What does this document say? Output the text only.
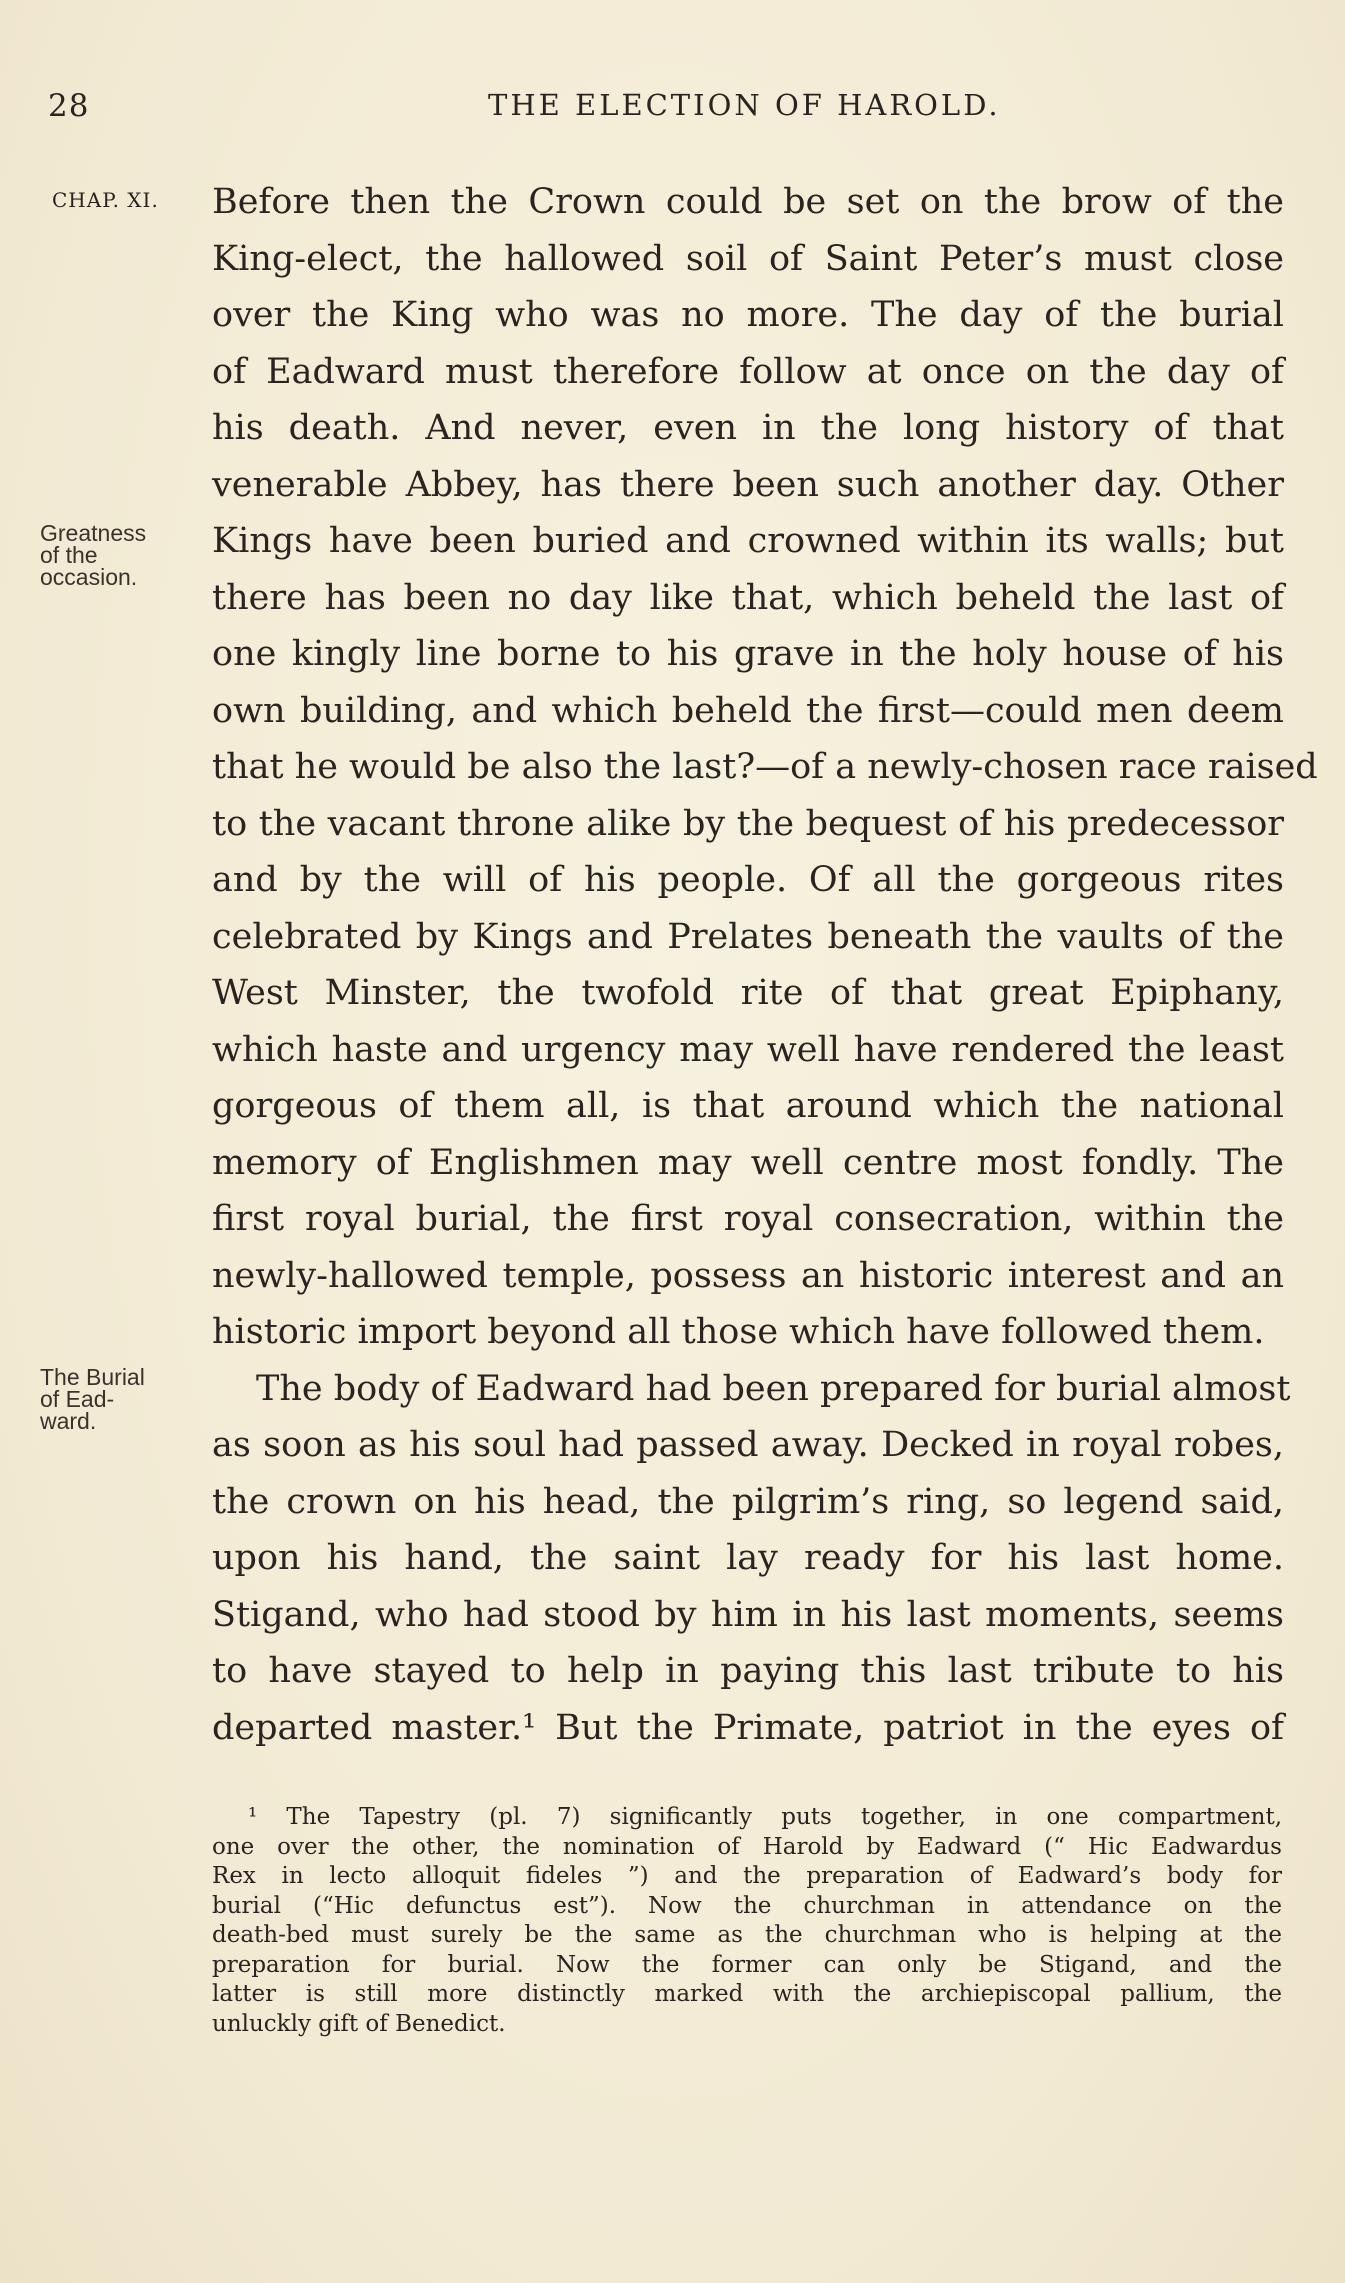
28	THE ELECTION OF HAROLD.
CHAP. XI.
Greatness
of the
occasion.
The Burial
of Ead-
ward.
Before then the Crown could be set on the brow of the
King-elect, the hallowed soil of Saint Peter’s must close
over the King who was no more. The day of the burial
of Eadward must therefore follow at once on the day of
his death. And never, even in the long history of that
venerable Abbey, has there been such another day. Other
Kings have been buried and crowned within its walls; but
there has been no day like that, which beheld the last of
one kingly line borne to his grave in the holy house of his
own building, and which beheld the first—could men deem
that he would be also the last?—of a newly-chosen race raised
to the vacant throne alike by the bequest of his predecessor
and by the will of his people. Of all the gorgeous rites
celebrated by Kings and Prelates beneath the vaults of the
West Minster, the twofold rite of that great Epiphany,
which haste and urgency may well have rendered the least
gorgeous of them all, is that around which the national
memory of Englishmen may well centre most fondly. The
first royal burial, the first royal consecration, within the
newly-hallowed temple, possess an historic interest and an
historic import beyond all those which have followed them.
The body of Eadward had been prepared for burial almost
as soon as his soul had passed away. Decked in royal robes,
the crown on his head, the pilgrim’s ring, so legend said,
upon his hand, the saint lay ready for his last home.
Stigand, who had stood by him in his last moments, seems
to have stayed to help in paying this last tribute to his
departed master.¹ But the Primate, patriot in the eyes of
¹ The Tapestry (pl. 7) significantly puts together, in one compartment,
one over the other, the nomination of Harold by Eadward (“ Hic Eadwardus
Rex in lecto alloquit fideles ”) and the preparation of Eadward’s body for
burial (“Hic defunctus est”). Now the churchman in attendance on the
death-bed must surely be the same as the churchman who is helping at the
preparation for burial. Now the former can only be Stigand, and the
latter is still more distinctly marked with the archiepiscopal pallium, the
unluckly gift of Benedict.
